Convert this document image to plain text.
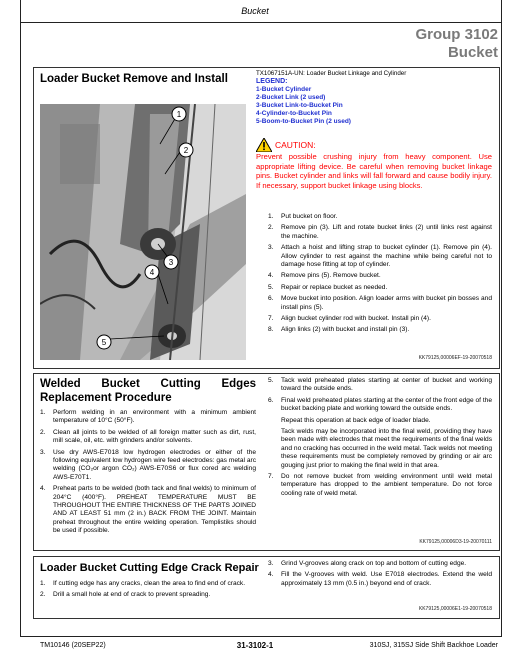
Bucket
Group 3102
Bucket
Loader Bucket Remove and Install
1
2
3
4
5
TX1067151A-UN: Loader Bucket Linkage and Cylinder
LEGEND:
1-Bucket Cylinder
2-Bucket Link (2 used)
3-Bucket Link-to-Bucket Pin
4-Cylinder-to-Bucket Pin
5-Boom-to-Bucket Pin (2 used)
CAUTION:
Prevent possible crushing injury from heavy component. Use appropriate lifting device. Be careful when removing bucket linkage pins. Bucket cylinder and links will fall forward and cause bodily injury. If necessary, support bucket linkage using blocks.
1.	Put bucket on floor.
2.	Remove pin (3). Lift and rotate bucket links (2) until links rest against the machine.
3.	Attach a hoist and lifting strap to bucket cylinder (1). Remove pin (4). Allow cylinder to rest against the machine while being careful not to damage hose fitting at top of cylinder.
4.	Remove pins (5). Remove bucket.
5.	Repair or replace bucket as needed.
6.	Move bucket into position. Align loader arms with bucket pin bosses and install pins (5).
7.	Align bucket cylinder rod with bucket. Install pin (4).
8.	Align links (2) with bucket and install pin (3).
KK79125,00006EF-19-20070518
Welded Bucket Cutting Edges
Replacement Procedure
1.	Perform welding in an environment with a minimum ambient temperature of 10°C (50°F).
2.	Clean all joints to be welded of all foreign matter such as dirt, rust, mill scale, oil, etc. with grinders and/or solvents.
3.	Use dry AWS-E7018 low hydrogen electrodes or either of the following equivalent low hydrogen wire feed electrodes: gas metal arc welding (CO₂or argon CO₂) AWS-E70S6 or flux cored arc welding AWS-E70T1.
4.	Preheat parts to be welded (both tack and final welds) to minimum of 204°C (400°F). PREHEAT TEMPERATURE MUST BE THROUGHOUT THE ENTIRE THICKNESS OF THE PARTS JOINED AND AT LEAST 51 mm (2 in.) BACK FROM THE JOINT. Maintain preheat throughout the entire welding operation. Templistiks should be used if possible.
5.	Tack weld preheated plates starting at center of bucket and working toward the outside ends.
6.	Final weld preheated plates starting at the center of the front edge of the bucket backing plate and working toward the outside ends.
Repeat this operation at back edge of loader blade.
Tack welds may be incorporated into the final weld, providing they have been made with electrodes that meet the requirements of the final welds and no cracking has occurred in the weld metal. Tack welds not meeting these requirements must be completely removed by grinding or air arc gouging just prior to making the final weld in that area.
7.	Do not remove bucket from welding environment until weld metal temperature has dropped to the ambient temperature. Do not force cooling rate of weld metal.
KK79125,00006D3-19-20070111
Loader Bucket Cutting Edge Crack Repair
1.	If cutting edge has any cracks, clean the area to find end of crack.
2.	Drill a small hole at end of crack to prevent spreading.
3.	Grind V-grooves along crack on top and bottom of cutting edge.
4.	Fill the V-grooves with weld. Use E7018 electrodes. Extend the weld approximately 13 mm (0.5 in.) beyond end of crack.
KK79125,00006E1-19-20070518
TM10146 (20SEP22)	31-3102-1	310SJ, 315SJ Side Shift Backhoe Loader
